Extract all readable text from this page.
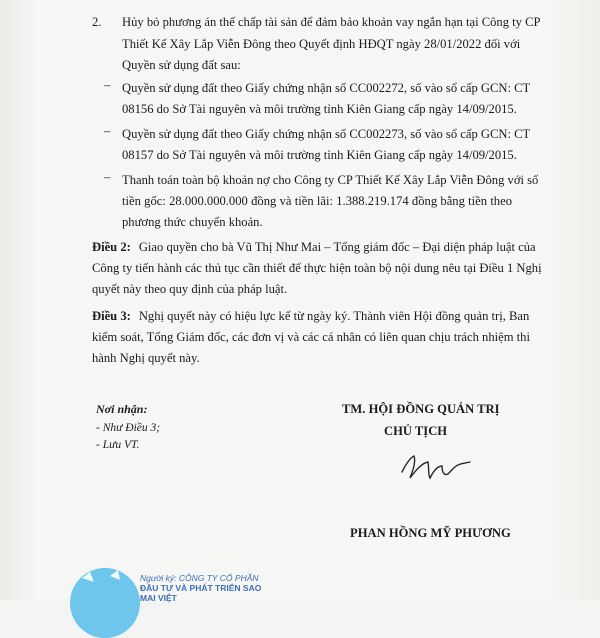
2. Hủy bỏ phương án thế chấp tài sản để đảm bảo khoản vay ngắn hạn tại Công ty CP
Thiết Kế Xây Lắp Viễn Đông theo Quyết định HĐQT ngày 28/01/2022 đối với
Quyền sử dụng đất sau:
– Quyền sử dụng đất theo Giấy chứng nhận số CC002272, số vào sổ cấp GCN: CT
08156 do Sở Tài nguyên và môi trường tỉnh Kiên Giang cấp ngày 14/09/2015.
– Quyền sử dụng đất theo Giấy chứng nhận số CC002273, số vào sổ cấp GCN: CT
08157 do Sở Tài nguyên và môi trường tỉnh Kiên Giang cấp ngày 14/09/2015.
– Thanh toán toàn bộ khoản nợ cho Công ty CP Thiết Kế Xây Lắp Viễn Đông với số
tiền gốc: 28.000.000.000 đồng và tiền lãi: 1.388.219.174 đồng bằng tiền theo
phương thức chuyển khoản.
Điều 2: Giao quyền cho bà Vũ Thị Như Mai – Tổng giám đốc – Đại diện pháp luật của
Công ty tiến hành các thủ tục cần thiết để thực hiện toàn bộ nội dung nêu tại Điều 1 Nghị
quyết này theo quy định của pháp luật.
Điều 3: Nghị quyết này có hiệu lực kể từ ngày ký. Thành viên Hội đồng quản trị, Ban
kiểm soát, Tổng Giám đốc, các đơn vị và các cá nhân có liên quan chịu trách nhiệm thi
hành Nghị quyết này.
Nơi nhận:
- Như Điều 3;
- Lưu VT.
TM. HỘI ĐỒNG QUẢN TRỊ
CHỦ TỊCH
PHAN HỒNG MỸ PHƯƠNG
Người ký: CÔNG TY CỔ PHẦN
ĐẦU TƯ VÀ PHÁT TRIỂN SAO
MAI VIỆT
